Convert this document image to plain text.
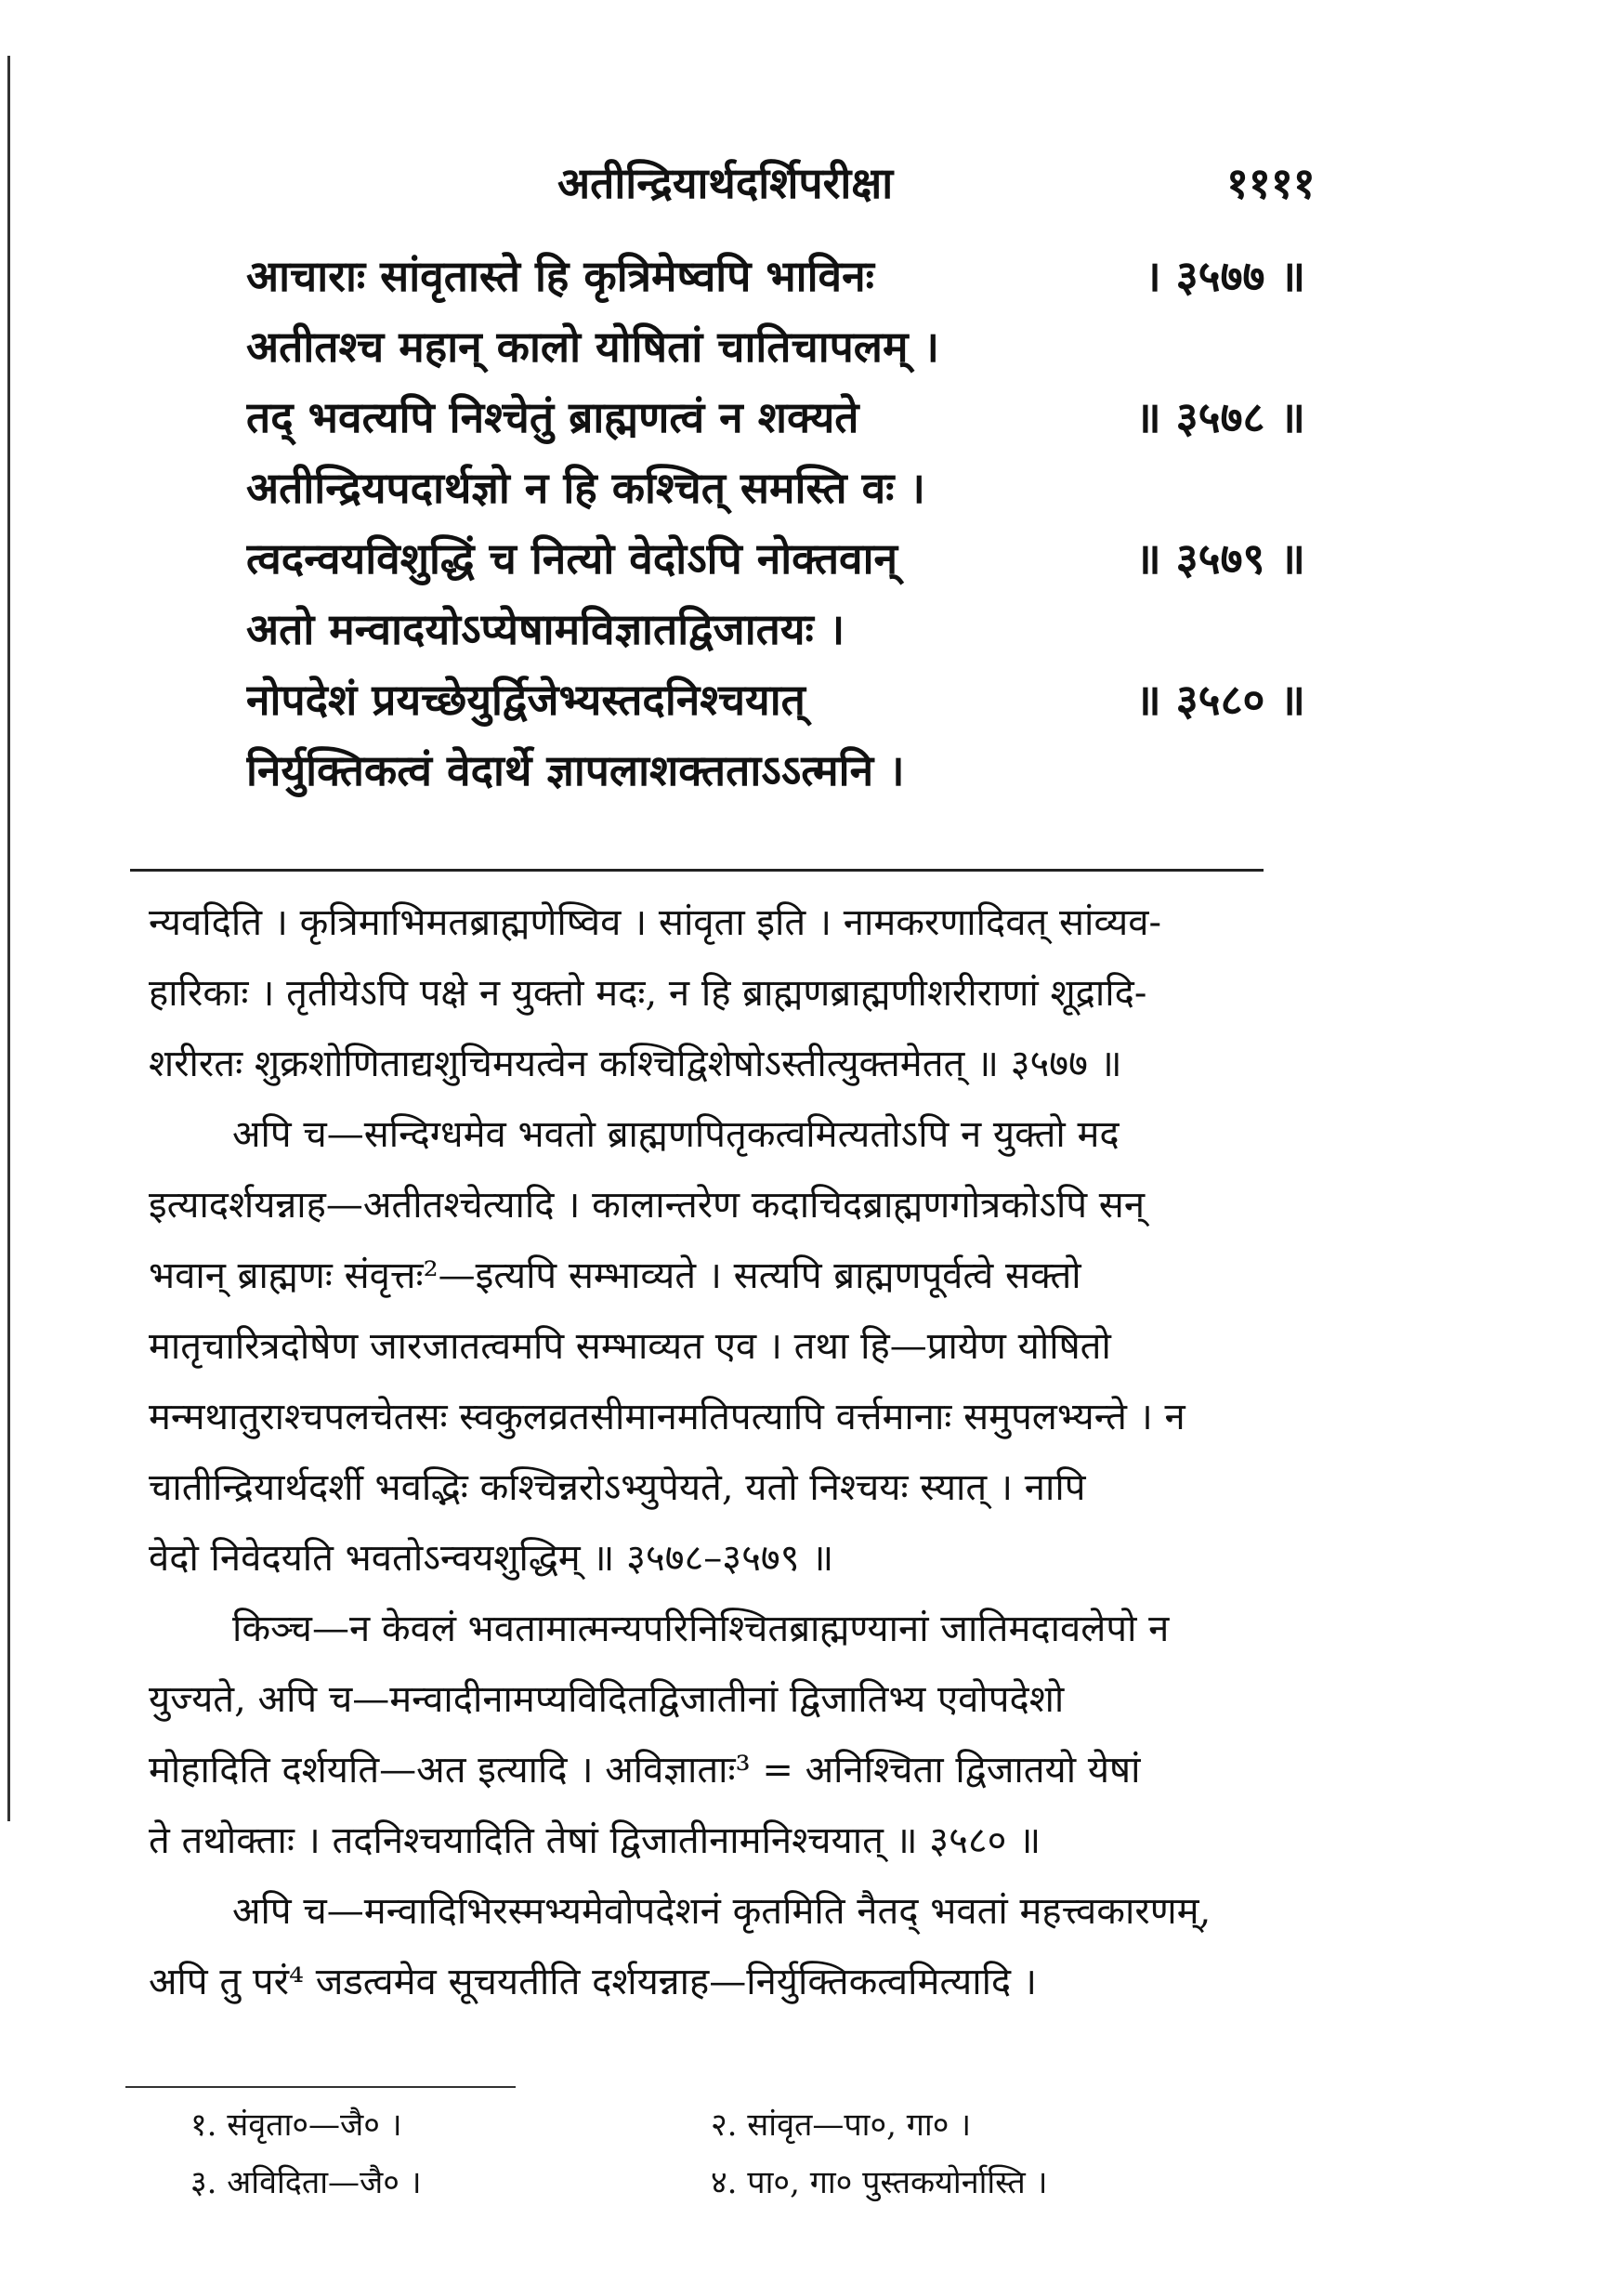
अतीन्द्रियार्थदर्शिपरीक्षा	११११
आचाराः सांवृतास्ते हि कृत्रिमेष्वपि भाविनः	। ३५७७ ॥
अतीतश्च महान् कालो योषितां चातिचापलम् ।
तद् भवत्यपि निश्चेतुं ब्राह्मणत्वं न शक्यते	॥ ३५७८ ॥
अतीन्द्रियपदार्थज्ञो न हि कश्चित् समस्ति वः ।
त्वदन्वयविशुद्धिं च नित्यो वेदोऽपि नोक्तवान्	॥ ३५७९ ॥
अतो मन्वादयोऽप्येषामविज्ञातद्विजातयः ।
नोपदेशं प्रयच्छेयुर्द्विजेभ्यस्तदनिश्चयात्	॥ ३५८० ॥
निर्युक्तिकत्वं वेदार्थे ज्ञापलाशक्तताऽऽत्मनि ।
न्यवदिति । कृत्रिमाभिमतब्राह्मणेष्विव । सांवृता इति । नामकरणादिवत् सांव्यव-
हारिकाः । तृतीयेऽपि पक्षे न युक्तो मदः, न हि ब्राह्मणब्राह्मणीशरीराणां शूद्रादि-
शरीरतः शुक्रशोणिताद्यशुचिमयत्वेन कश्चिद्विशेषोऽस्तीत्युक्तमेतत् ॥ ३५७७ ॥
अपि च—सन्दिग्धमेव भवतो ब्राह्मणपितृकत्वमित्यतोऽपि न युक्तो मद
इत्यादर्शयन्नाह—अतीतश्चेत्यादि । कालान्तरेण कदाचिदब्राह्मणगोत्रकोऽपि सन्
भवान् ब्राह्मणः संवृत्तः²—इत्यपि सम्भाव्यते । सत्यपि ब्राह्मणपूर्वत्वे सक्तो
मातृचारित्रदोषेण जारजातत्वमपि सम्भाव्यत एव । तथा हि—प्रायेण योषितो
मन्मथातुराश्चपलचेतसः स्वकुलव्रतसीमानमतिपत्यापि वर्त्तमानाः समुपलभ्यन्ते । न
चातीन्द्रियार्थदर्शी भवद्भिः कश्चिन्नरोऽभ्युपेयते, यतो निश्चयः स्यात् । नापि
वेदो निवेदयति भवतोऽन्वयशुद्धिम् ॥ ३५७८–३५७९ ॥
किञ्च—न केवलं भवतामात्मन्यपरिनिश्चितब्राह्मण्यानां जातिमदावलेपो न
युज्यते, अपि च—मन्वादीनामप्यविदितद्विजातीनां द्विजातिभ्य एवोपदेशो
मोहादिति दर्शयति—अत इत्यादि । अविज्ञाताः³ = अनिश्चिता द्विजातयो येषां
ते तथोक्ताः । तदनिश्चयादिति तेषां द्विजातीनामनिश्चयात् ॥ ३५८० ॥
अपि च—मन्वादिभिरस्मभ्यमेवोपदेशनं कृतमिति नैतद् भवतां महत्त्वकारणम्,
अपि तु परं⁴ जडत्वमेव सूचयतीति दर्शयन्नाह—निर्युक्तिकत्वमित्यादि ।
१. संवृता०—जै० ।	२. सांवृत—पा०, गा० ।
३. अविदिता—जै० ।	४. पा०, गा० पुस्तकयोर्नास्ति ।
